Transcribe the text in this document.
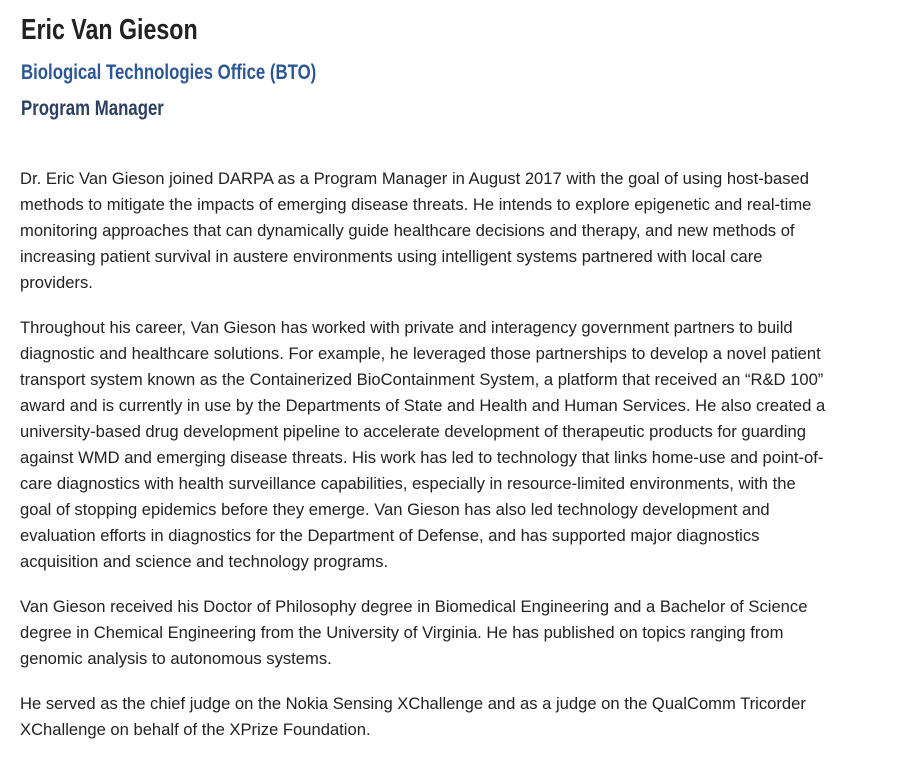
Eric Van Gieson
Biological Technologies Office (BTO)
Program Manager

Dr. Eric Van Gieson joined DARPA as a Program Manager in August 2017 with the goal of using host-based
methods to mitigate the impacts of emerging disease threats. He intends to explore epigenetic and real-time
monitoring approaches that can dynamically guide healthcare decisions and therapy, and new methods of
increasing patient survival in austere environments using intelligent systems partnered with local care
providers.

Throughout his career, Van Gieson has worked with private and interagency government partners to build
diagnostic and healthcare solutions. For example, he leveraged those partnerships to develop a novel patient
transport system known as the Containerized BioContainment System, a platform that received an “R&D 100”
award and is currently in use by the Departments of State and Health and Human Services. He also created a
university-based drug development pipeline to accelerate development of therapeutic products for guarding
against WMD and emerging disease threats. His work has led to technology that links home-use and point-of-
care diagnostics with health surveillance capabilities, especially in resource-limited environments, with the
goal of stopping epidemics before they emerge. Van Gieson has also led technology development and
evaluation efforts in diagnostics for the Department of Defense, and has supported major diagnostics
acquisition and science and technology programs.

Van Gieson received his Doctor of Philosophy degree in Biomedical Engineering and a Bachelor of Science
degree in Chemical Engineering from the University of Virginia. He has published on topics ranging from
genomic analysis to autonomous systems.

He served as the chief judge on the Nokia Sensing XChallenge and as a judge on the QualComm Tricorder
XChallenge on behalf of the XPrize Foundation.
